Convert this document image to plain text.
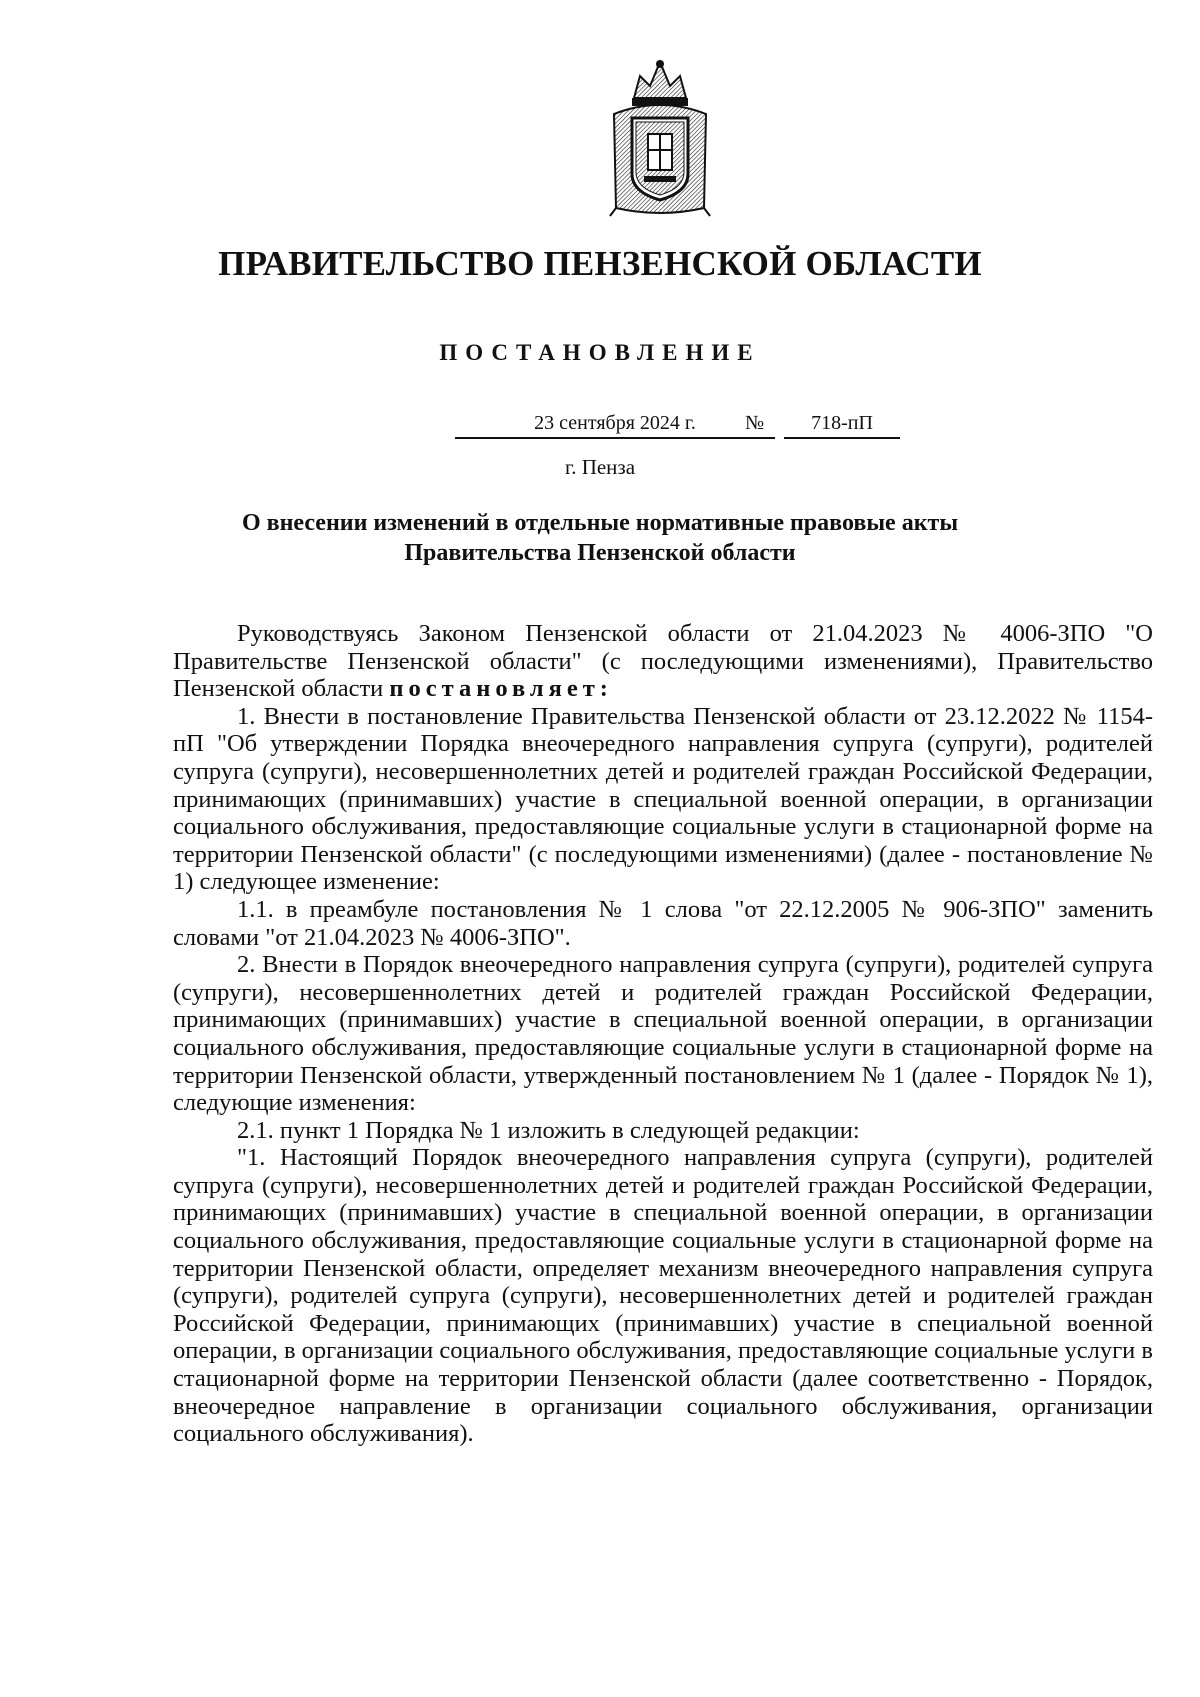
ПРАВИТЕЛЬСТВО ПЕНЗЕНСКОЙ ОБЛАСТИ
ПОСТАНОВЛЕНИЕ
23 сентября 2024 г.	№	718-пП
г. Пенза
О внесении изменений в отдельные нормативные правовые акты
Правительства Пензенской области

Руководствуясь Законом Пензенской области от 21.04.2023 № 4006-ЗПО "О Правительстве Пензенской области" (с последующими изменениями), Правительство Пензенской области постановляет:

1. Внести в постановление Правительства Пензенской области от 23.12.2022 № 1154-пП "Об утверждении Порядка внеочередного направления супруга (супруги), родителей супруга (супруги), несовершеннолетних детей и родителей граждан Российской Федерации, принимающих (принимавших) участие в специальной военной операции, в организации социального обслуживания, предоставляющие социальные услуги в стационарной форме на территории Пензенской области" (с последующими изменениями) (далее - постановление № 1) следующее изменение:

1.1. в преамбуле постановления № 1 слова "от 22.12.2005 № 906-ЗПО" заменить словами "от 21.04.2023 № 4006-ЗПО".

2. Внести в Порядок внеочередного направления супруга (супруги), родителей супруга (супруги), несовершеннолетних детей и родителей граждан Российской Федерации, принимающих (принимавших) участие в специальной военной операции, в организации социального обслуживания, предоставляющие социальные услуги в стационарной форме на территории Пензенской области, утвержденный постановлением № 1 (далее - Порядок № 1), следующие изменения:

2.1. пункт 1 Порядка № 1 изложить в следующей редакции:

"1. Настоящий Порядок внеочередного направления супруга (супруги), родителей супруга (супруги), несовершеннолетних детей и родителей граждан Российской Федерации, принимающих (принимавших) участие в специальной военной операции, в организации социального обслуживания, предоставляющие социальные услуги в стационарной форме на территории Пензенской области, определяет механизм внеочередного направления супруга (супруги), родителей супруга (супруги), несовершеннолетних детей и родителей граждан Российской Федерации, принимающих (принимавших) участие в специальной военной операции, в организации социального обслуживания, предоставляющие социальные услуги в стационарной форме на территории Пензенской области (далее соответственно - Порядок, внеочередное направление в организации социального обслуживания, организации социального обслуживания).
